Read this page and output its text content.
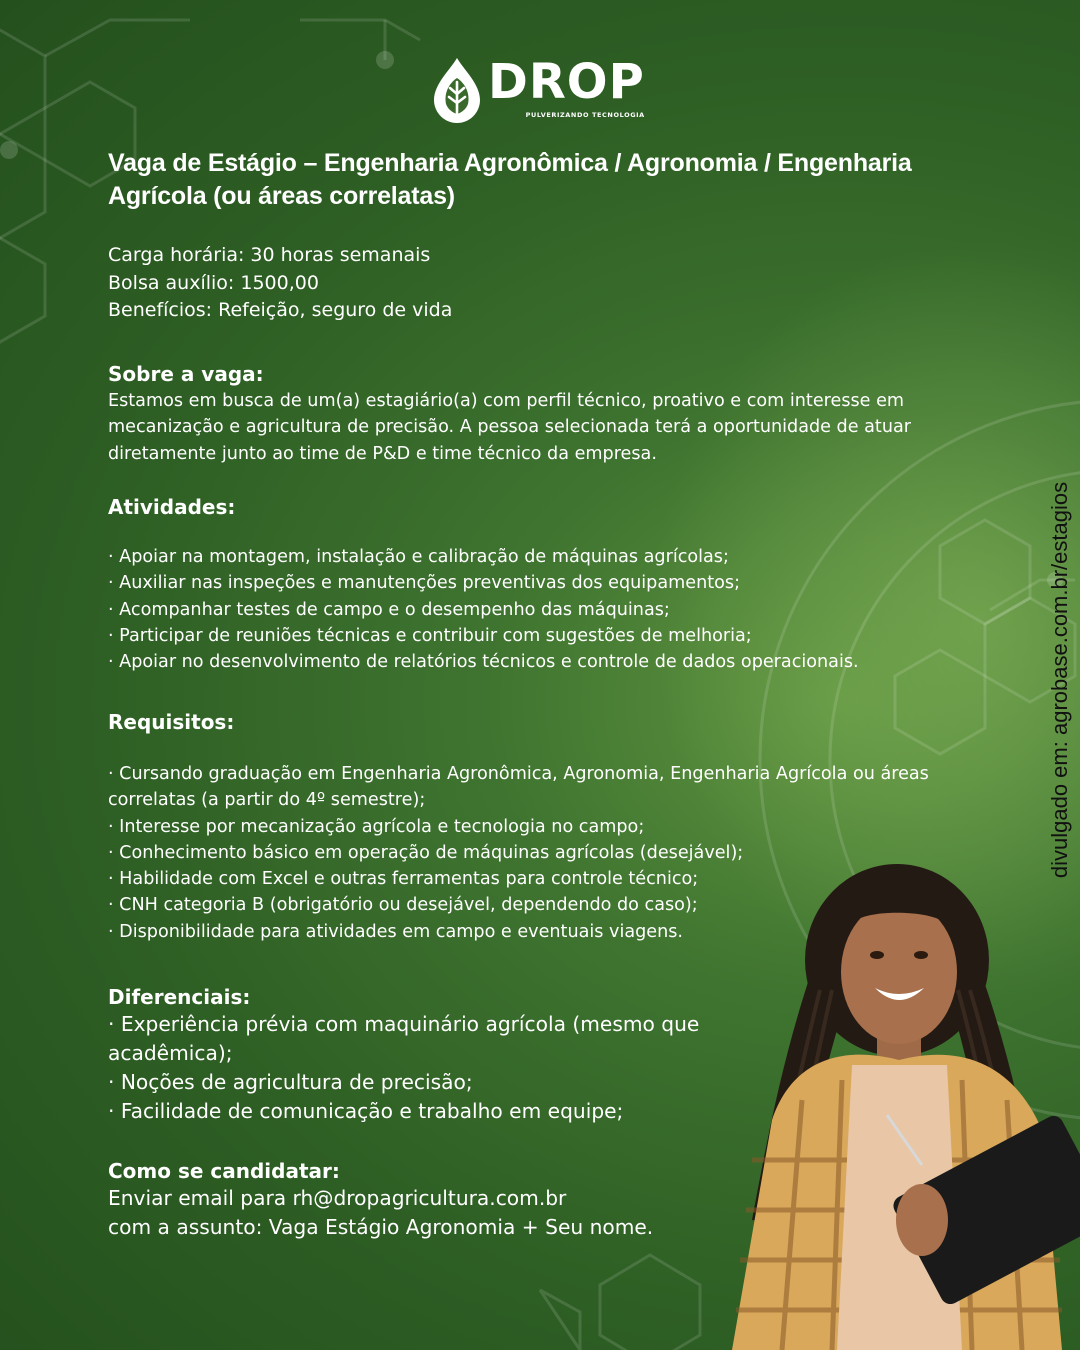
DROP
PULVERIZANDO TECNOLOGIA
Vaga de Estágio – Engenharia Agronômica / Agronomia / Engenharia Agrícola (ou áreas correlatas)
Carga horária: 30 horas semanais
Bolsa auxílio: 1500,00
Benefícios: Refeição, seguro de vida
Sobre a vaga:
Estamos em busca de um(a) estagiário(a) com perfil técnico, proativo e com interesse em mecanização e agricultura de precisão. A pessoa selecionada terá a oportunidade de atuar diretamente junto ao time de P&D e time técnico da empresa.
Atividades:
· Apoiar na montagem, instalação e calibração de máquinas agrícolas;
· Auxiliar nas inspeções e manutenções preventivas dos equipamentos;
· Acompanhar testes de campo e o desempenho das máquinas;
· Participar de reuniões técnicas e contribuir com sugestões de melhoria;
· Apoiar no desenvolvimento de relatórios técnicos e controle de dados operacionais.
Requisitos:
· Cursando graduação em Engenharia Agronômica, Agronomia, Engenharia Agrícola ou áreas correlatas (a partir do 4º semestre);
· Interesse por mecanização agrícola e tecnologia no campo;
· Conhecimento básico em operação de máquinas agrícolas (desejável);
· Habilidade com Excel e outras ferramentas para controle técnico;
· CNH categoria B (obrigatório ou desejável, dependendo do caso);
· Disponibilidade para atividades em campo e eventuais viagens.
Diferenciais:
· Experiência prévia com maquinário agrícola (mesmo que acadêmica);
· Noções de agricultura de precisão;
· Facilidade de comunicação e trabalho em equipe;
Como se candidatar:
Enviar email para rh@dropagricultura.com.br
com a assunto: Vaga Estágio Agronomia + Seu nome.
divulgado em: agrobase.com.br/estagios
